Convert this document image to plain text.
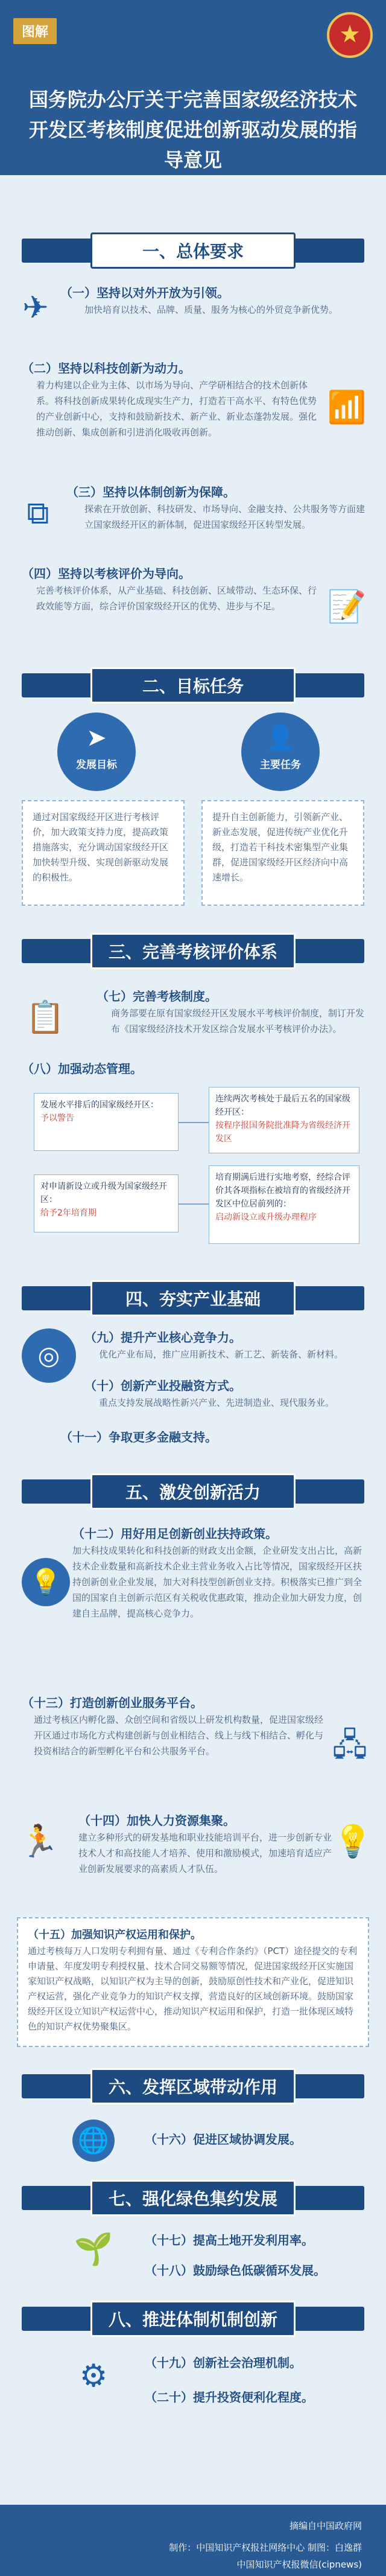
图解	★
国务院办公厅关于完善国家级经济技术开发区考核制度促进创新驱动发展的指导意见
一、总体要求
✈ （一）坚持以对外开放为引领。
加快培育以技术、品牌、质量、服务为核心的外贸竞争新优势。
（二）坚持以科技创新为动力。
着力构建以企业为主体、以市场为导向、产学研相结合的技术创新体系。将科技创新成果转化成现实生产力，打造若干高水平、有特色优势的产业创新中心，支持和鼓励新技术、新产业、新业态蓬勃发展。强化推动创新、集成创新和引进消化吸收再创新。
📶
⧉
（三）坚持以体制创新为保障。
探索在开放创新、科技研发、市场导向、金融支持、公共服务等方面建立国家级经开区的新体制，促进国家级经开区转型发展。
（四）坚持以考核评价为导向。
完善考核评价体系，从产业基础、科技创新、区域带动、生态环保、行政效能等方面，综合评价国家级经开区的优势、进步与不足。	📝
二、目标任务
➤
发展目标
👤
主要任务
通过对国家级经开区进行考核评价，加大政策支持力度，提高政策措施落实，充分调动国家级经开区加快转型升级、实现创新驱动发展的积极性。
提升自主创新能力，引领新产业、新业态发展，促进传统产业优化升级，打造若干科技术密集型产业集群，促进国家级经开区经济向中高速增长。
三、完善考核评价体系
📋
（七）完善考核制度。
商务部要在原有国家级经开区发展水平考核评价制度，制订开发布《国家级经济技术开发区综合发展水平考核评价办法》。
（八）加强动态管理。
发展水平排后的国家级经开区：
予以警告
连续两次考核处于最后五名的国家级经开区：
按程序报国务院批准降为省级经济开发区
对申请新设立或升级为国家级经开区：
给予2年培育期
培育期满后进行实地考察，经综合评价其各项指标在被培育的省级经济开发区中位居前列的：
启动新设立或升级办理程序
四、夯实产业基础
◎
（九）提升产业核心竞争力。
优化产业布局，推广应用新技术、新工艺、新装备、新材料。
（十）创新产业投融资方式。
重点支持发展战略性新兴产业、先进制造业、现代服务业。
（十一）争取更多金融支持。
五、激发创新活力
（十二）用好用足创新创业扶持政策。
加大科技成果转化和科技创新的财政支出金额，企业研发支出占比，高新技术企业数量和高新技术企业主营业务收入占比等情况，国家级经开区扶持创新创业企业发展，加大对科技型创新创业支持。积极落实已推广到全国的国家自主创新示范区有关税收优惠政策，推动企业加大研发力度，创建自主品牌，提高核心竞争力。
💡
（十三）打造创新创业服务平台。
通过考核区内孵化器、众创空间和省级以上研发机构数量，促进国家级经开区通过市场化方式构建创新与创业相结合、线上与线下相结合、孵化与投资相结合的新型孵化平台和公共服务平台。	🖧
🏃
（十四）加快人力资源集聚。
建立多种形式的研发基地和职业技能培训平台，进一步创新专业技术人才和高技能人才培养、使用和激励模式，加速培育适应产业创新发展要求的高素质人才队伍。
💡
（十五）加强知识产权运用和保护。
通过考核每万人口发明专利拥有量、通过《专利合作条约》（PCT）途径提交的专利申请量、年度发明专利授权量、技术合同交易额等情况，促进国家级经开区实施国家知识产权战略，以知识产权为主导的创新，鼓励原创性技术和产业化，促进知识产权运营，强化产业竞争力的知识产权支撑，营造良好的区域创新环境。鼓励国家级经开区设立知识产权运营中心，推动知识产权运用和保护，打造一批体现区域特色的知识产权优势聚集区。
六、发挥区域带动作用
🌐	（十六）促进区域协调发展。
七、强化绿色集约发展
🌱	（十七）提高土地开发利用率。
（十八）鼓励绿色低碳循环发展。
八、推进体制机制创新
⚙	（十九）创新社会治理机制。
（二十）提升投资便利化程度。
摘编自中国政府网
制作：中国知识产权报社网络中心 制图：白逸群
中国知识产权报微信(cipnews)
